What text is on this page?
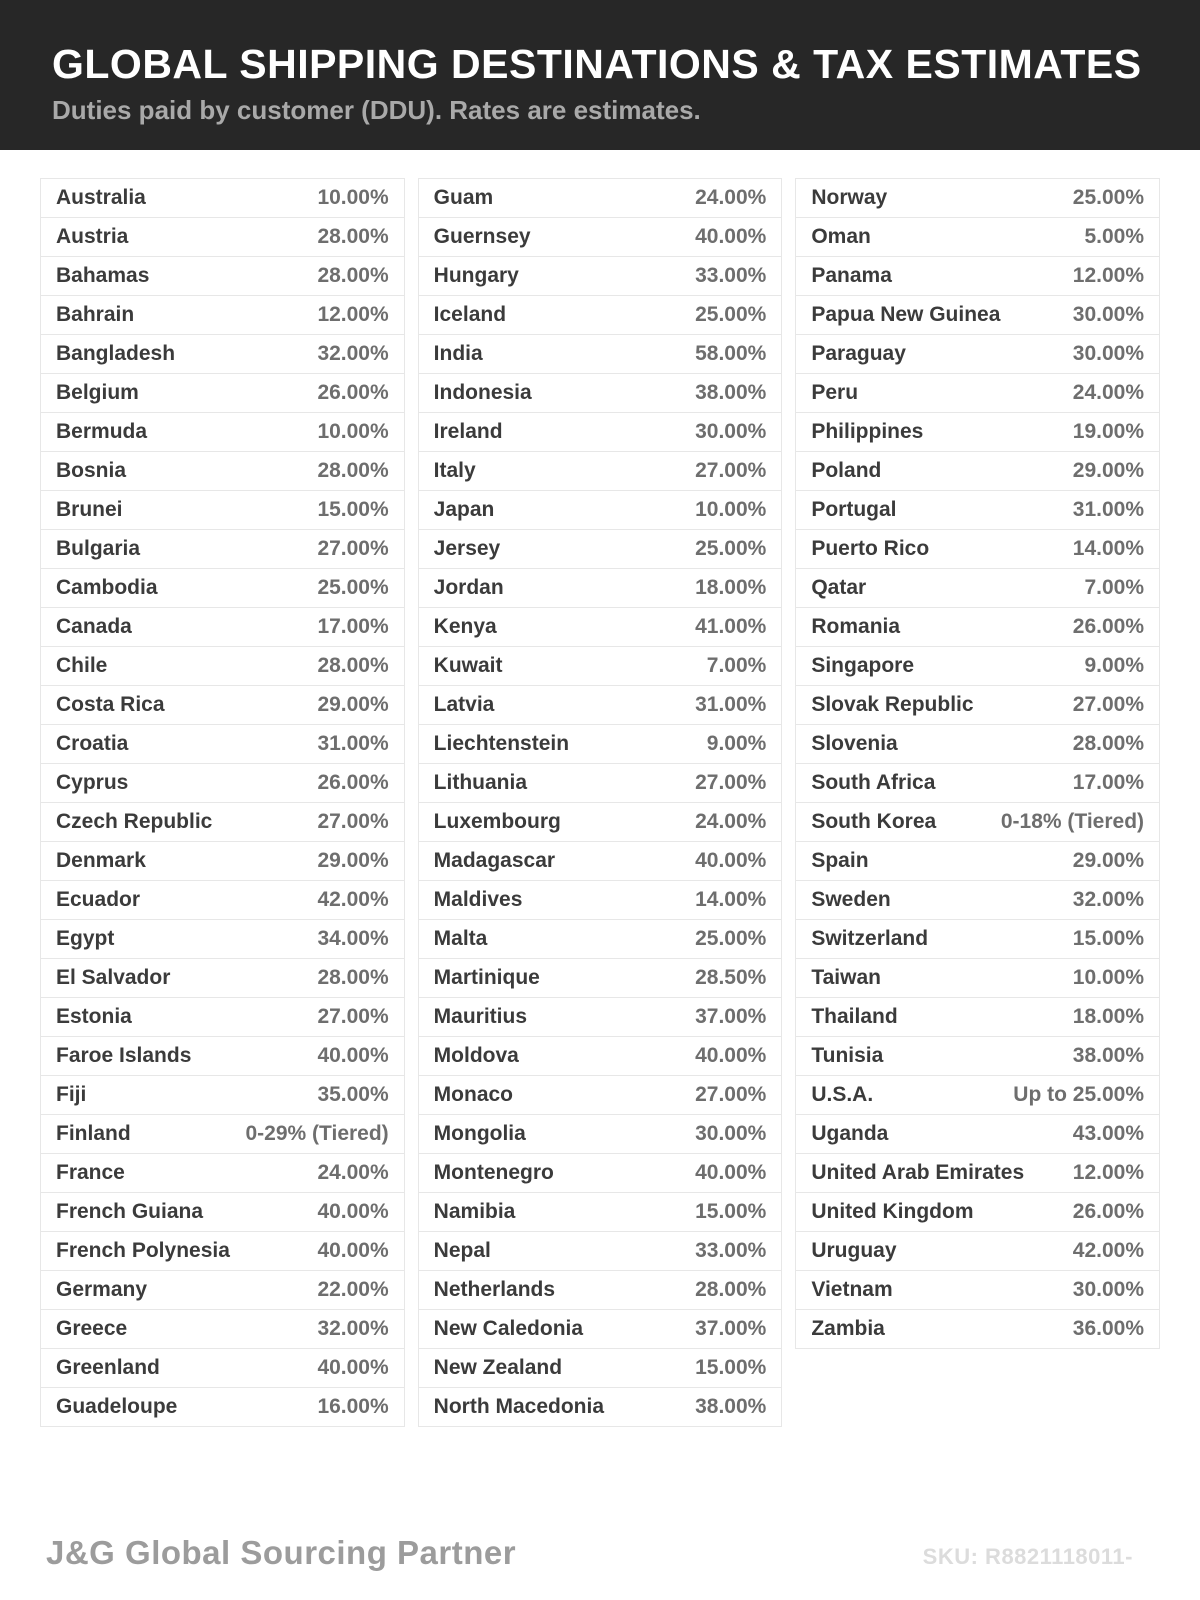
GLOBAL SHIPPING DESTINATIONS & TAX ESTIMATES
Duties paid by customer (DDU). Rates are estimates.
Australia	10.00%
Austria	28.00%
Bahamas	28.00%
Bahrain	12.00%
Bangladesh	32.00%
Belgium	26.00%
Bermuda	10.00%
Bosnia	28.00%
Brunei	15.00%
Bulgaria	27.00%
Cambodia	25.00%
Canada	17.00%
Chile	28.00%
Costa Rica	29.00%
Croatia	31.00%
Cyprus	26.00%
Czech Republic	27.00%
Denmark	29.00%
Ecuador	42.00%
Egypt	34.00%
El Salvador	28.00%
Estonia	27.00%
Faroe Islands	40.00%
Fiji	35.00%
Finland	0-29% (Tiered)
France	24.00%
French Guiana	40.00%
French Polynesia	40.00%
Germany	22.00%
Greece	32.00%
Greenland	40.00%
Guadeloupe	16.00%
Guam	24.00%
Guernsey	40.00%
Hungary	33.00%
Iceland	25.00%
India	58.00%
Indonesia	38.00%
Ireland	30.00%
Italy	27.00%
Japan	10.00%
Jersey	25.00%
Jordan	18.00%
Kenya	41.00%
Kuwait	7.00%
Latvia	31.00%
Liechtenstein	9.00%
Lithuania	27.00%
Luxembourg	24.00%
Madagascar	40.00%
Maldives	14.00%
Malta	25.00%
Martinique	28.50%
Mauritius	37.00%
Moldova	40.00%
Monaco	27.00%
Mongolia	30.00%
Montenegro	40.00%
Namibia	15.00%
Nepal	33.00%
Netherlands	28.00%
New Caledonia	37.00%
New Zealand	15.00%
North Macedonia	38.00%
Norway	25.00%
Oman	5.00%
Panama	12.00%
Papua New Guinea	30.00%
Paraguay	30.00%
Peru	24.00%
Philippines	19.00%
Poland	29.00%
Portugal	31.00%
Puerto Rico	14.00%
Qatar	7.00%
Romania	26.00%
Singapore	9.00%
Slovak Republic	27.00%
Slovenia	28.00%
South Africa	17.00%
South Korea	0-18% (Tiered)
Spain	29.00%
Sweden	32.00%
Switzerland	15.00%
Taiwan	10.00%
Thailand	18.00%
Tunisia	38.00%
U.S.A.	Up to 25.00%
Uganda	43.00%
United Arab Emirates 12.00%
United Kingdom	26.00%
Uruguay	42.00%
Vietnam	30.00%
Zambia	36.00%
J&G Global Sourcing Partner	SKU: R8821118011-
